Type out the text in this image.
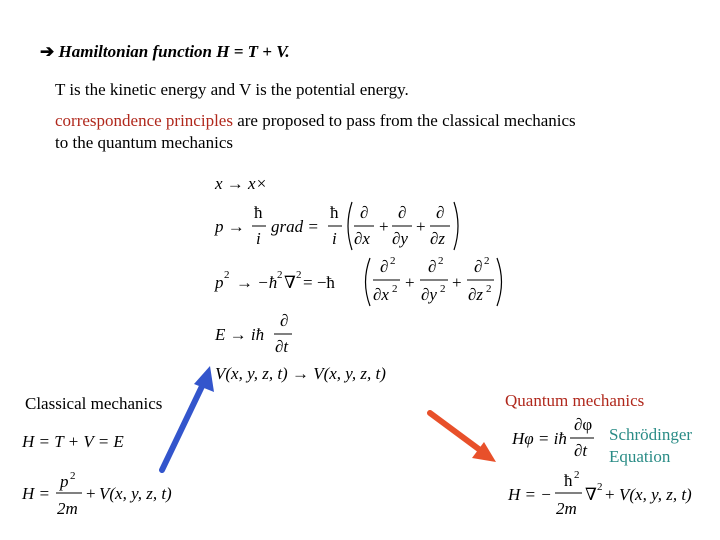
➔ Hamiltonian function H = T + V.
T is the kinetic energy and V is the potential energy.
correspondence principles are proposed to pass from the classical mechanics
to the quantum mechanics
x → x×
p →
ħ
i
grad =
ħ
i
∂
∂x
+
∂
∂y
+
∂
∂z
p 2 → −ħ 2 ∇ 2 = −ħ
∂ 2
∂x 2 +
∂ 2
∂y 2 +
∂ 2
∂z 2
E → iħ
∂
∂t
V(x, y, z, t) → V(x, y, z, t)
H = T + V = E
H =
p 2
2m
+ V(x, y, z, t)
Hφ = iħ
∂φ
∂t
H = −
ħ 2
2m
∇ 2 + V(x, y, z, t)
Classical mechanics	Quantum mechanics
Schrödinger
Equation
